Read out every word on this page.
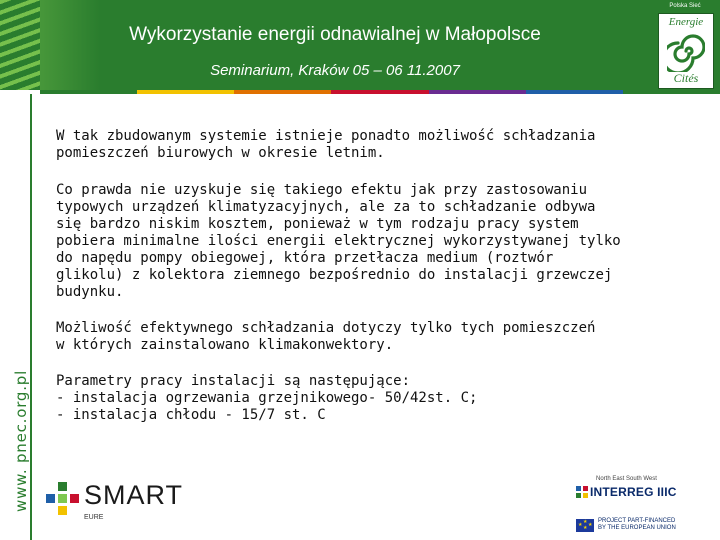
Wykorzystanie energii odnawialnej w Małopolsce
Seminarium, Kraków 05 – 06 11.2007
Polska Sieć
Energie
Cités
www. pnec.org.pl

W tak zbudowanym systemie istnieje ponadto możliwość schładzania
pomieszczeń biurowych w okresie letnim.

Co prawda nie uzyskuje się takiego efektu jak przy zastosowaniu
typowych urządzeń klimatyzacyjnych, ale za to schładzanie odbywa
się bardzo niskim kosztem, ponieważ w tym rodzaju pracy system
pobiera minimalne ilości energii elektrycznej wykorzystywanej tylko
do napędu pompy obiegowej, która przetłacza medium (roztwór
glikolu) z kolektora ziemnego bezpośrednio do instalacji grzewczej
budynku.

Możliwość efektywnego schładzania dotyczy tylko tych pomieszczeń
w których zainstalowano klimakonwektory.

Parametry pracy instalacji są następujące:
- instalacja ogrzewania grzejnikowego- 50/42st. C;
- instalacja chłodu - 15/7 st. C

SMART
EURE
North East South West
INTERREG IIIC
★
★ ★
★
PROJECT PART-FINANCED
BY THE EUROPEAN UNION
